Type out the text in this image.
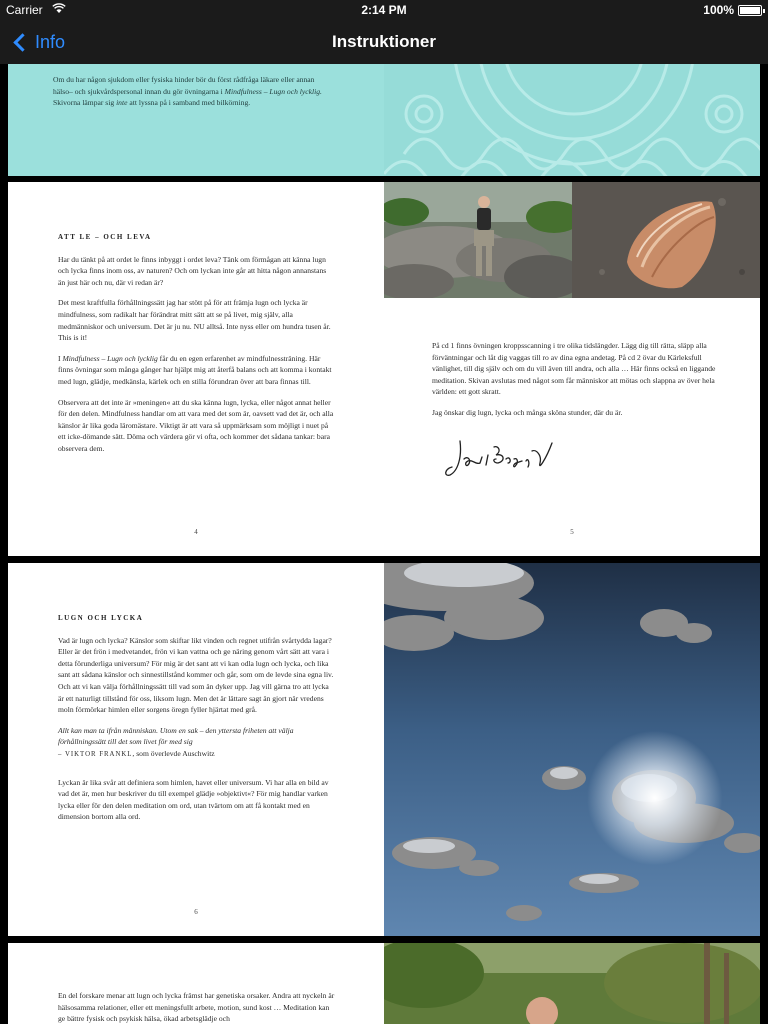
Carrier	2:14 PM	100%
Info	Instruktioner

Om du har någon sjukdom eller fysiska hinder bör du först rådfråga läkare eller annan hälso– och sjukvårdspersonal innan du gör övningarna i Mindfulness – Lugn och lycklig. Skivorna lämpar sig inte att lyssna på i samband med bilkörning.

ATT LE – OCH LEVA

Har du tänkt på att ordet le finns inbyggt i ordet leva? Tänk om förmågan att känna lugn och lycka finns inom oss, av naturen? Och om lyckan inte går att hitta någon annanstans än just här och nu, där vi redan är?

Det mest kraftfulla förhållningssätt jag har stött på för att främja lugn och lycka är mindfulness, som radikalt har förändrat mitt sätt att se på livet, mig själv, alla medmänniskor och universum. Det är ju nu. NU alltså. Inte nyss eller om hundra tusen år. This is it!

I Mindfulness – Lugn och lycklig får du en egen erfarenhet av mindfulnessträning. Här finns övningar som många gånger har hjälpt mig att återfå balans och att komma i kontakt med lugn, glädje, medkänsla, kärlek och en stilla förundran över att bara finnas till.

Observera att det inte är »meningen« att du ska känna lugn, lycka, eller något annat heller för den delen. Mindfulness handlar om att vara med det som är, oavsett vad det är, och alla känslor är lika goda läromästare. Viktigt är att vara så uppmärksam som möjligt i nuet på ett icke-dömande sätt. Döma och värdera gör vi ofta, och kommer det sådana tankar: bara observera dem.

4

På cd 1 finns övningen kroppsscanning i tre olika tidslängder. Lägg dig till rätta, släpp alla förväntningar och låt dig vaggas till ro av dina egna andetag. På cd 2 övar du Kärleksfull vänlighet, till dig själv och om du vill även till andra, och alla … Här finns också en liggande meditation. Skivan avslutas med något som får människor att mötas och slappna av över hela världen: ett gott skratt.

Jag önskar dig lugn, lycka och många sköna stunder, där du är.

5
LUGN OCH LYCKA

Vad är lugn och lycka? Känslor som skiftar likt vinden och regnet utifrån svårtydda lagar? Eller är det frön i medvetandet, frön vi kan vattna och ge näring genom vårt sätt att vara i detta förunderliga universum? För mig är det sant att vi kan odla lugn och lycka, och lika sant att sådana känslor och sinnestillstånd kommer och går, som om de levde sina egna liv. Och att vi kan välja förhållningssätt till vad som än dyker upp. Jag vill gärna tro att lycka är ett naturligt tillstånd för oss, liksom lugn. Men det är lättare sagt än gjort när vredens moln förmörkar himlen eller sorgens öregn fyller hjärtat med grå.

Allt kan man ta ifrån människan. Utom en sak – den yttersta friheten att välja förhållningssätt till det som livet för med sig
– VIKTOR FRANKL, som överlevde Auschwitz

Lyckan är lika svår att definiera som himlen, havet eller universum. Vi har alla en bild av vad det är, men hur beskriver du till exempel glädje »objektivt«? För mig handlar varken lycka eller för den delen meditation om ord, utan tvärtom om att få kontakt med en dimension bortom alla ord.

6

En del forskare menar att lugn och lycka främst har genetiska orsaker. Andra att nyckeln är hälsosamma relationer, eller ett meningsfullt arbete, motion, sund kost … Meditation kan ge bättre fysisk och psykisk hälsa, ökad arbetsglädje och
